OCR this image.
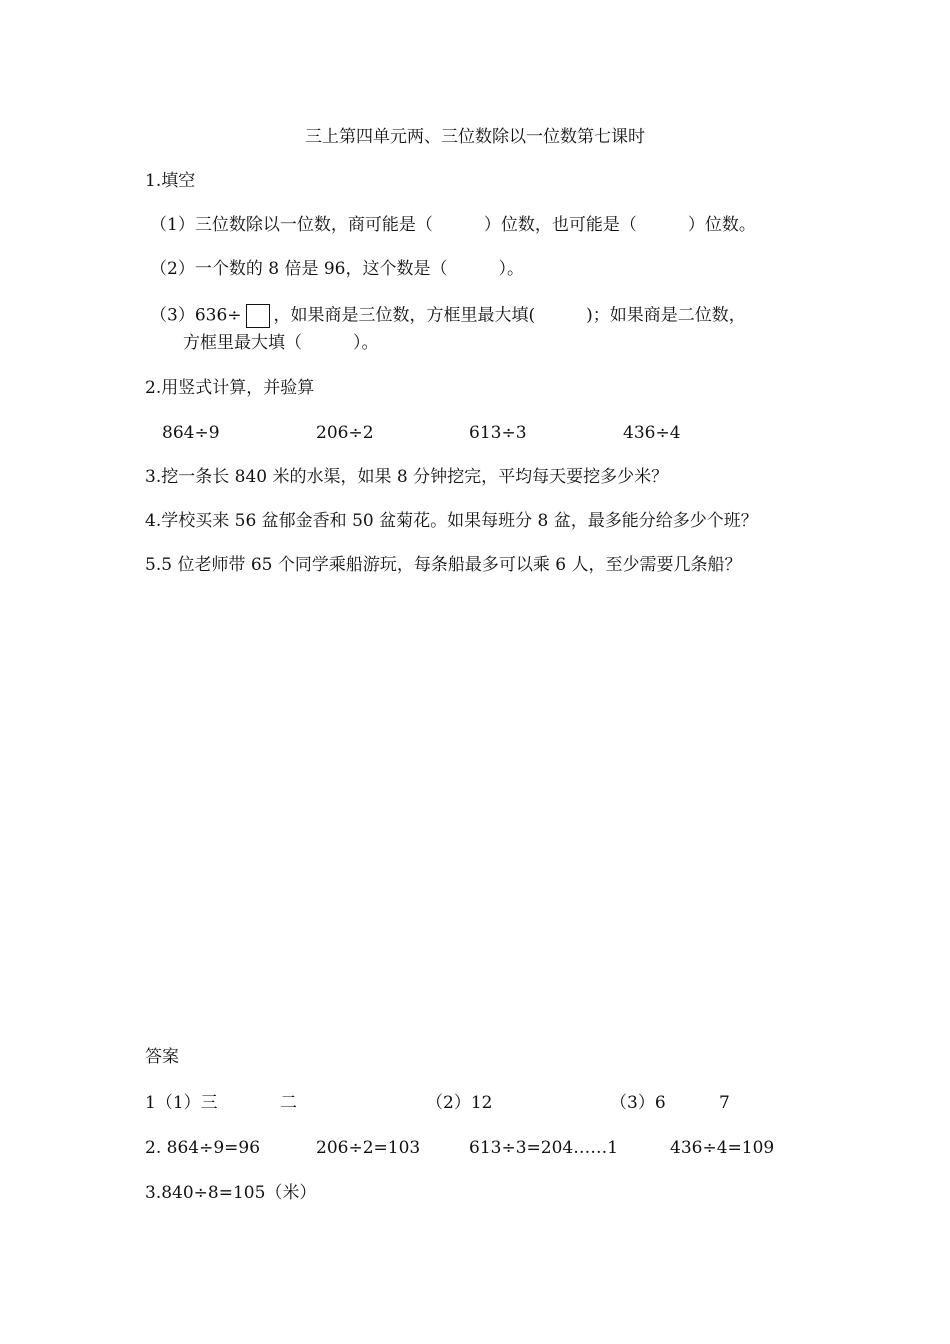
三上第四单元两、三位数除以一位数第七课时
1.填空
（1）三位数除以一位数，商可能是（　　　）位数，也可能是（　　　）位数。
（2）一个数的 8 倍是 96，这个数是（　　　）。
（3）636÷ ，如果商是三位数，方框里最大填(　　　)；如果商是二位数，
方框里最大填（　　　）。
2.用竖式计算，并验算
864÷9	206÷2	613÷3	436÷4
3.挖一条长 840 米的水渠，如果 8 分钟挖完，平均每天要挖多少米？
4.学校买来 56 盆郁金香和 50 盆菊花。如果每班分 8 盆，最多能分给多少个班？
5.5 位老师带 65 个同学乘船游玩，每条船最多可以乘 6 人，至少需要几条船？
答案
1（1）三	二	（2）12	（3）6	7
2. 864÷9=96	206÷2=103	613÷3=204……1	436÷4=109
3.840÷8=105（米）
